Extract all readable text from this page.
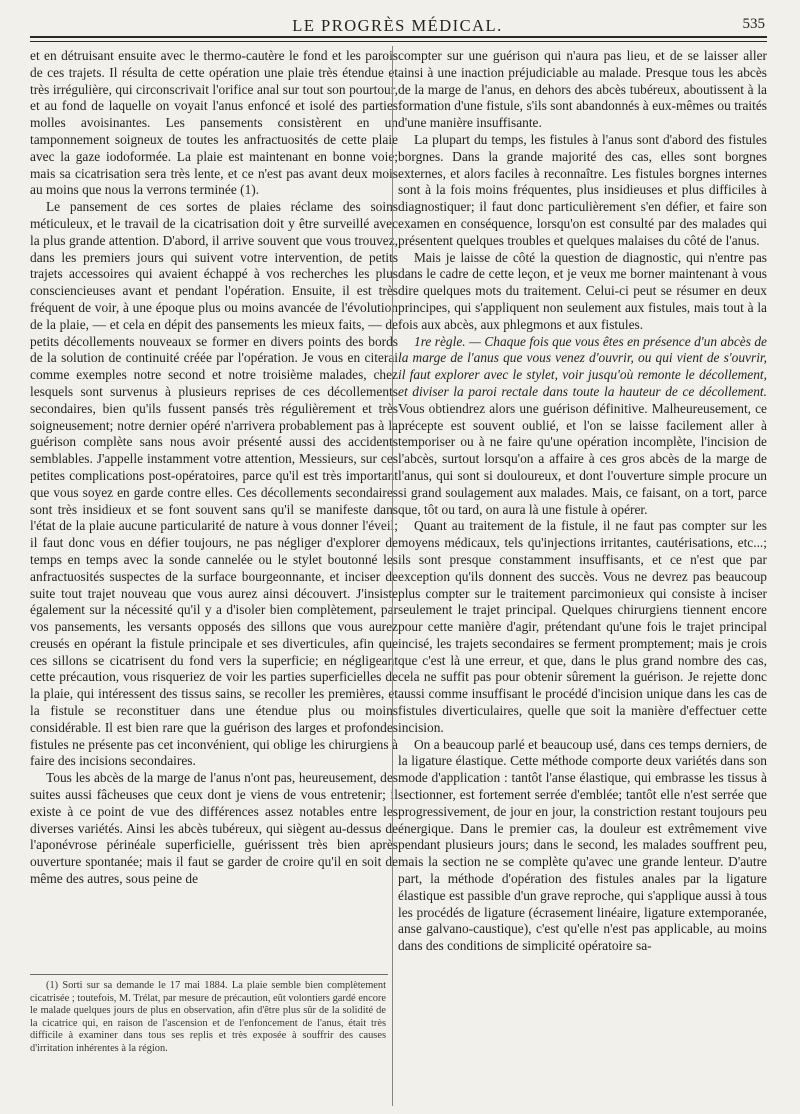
LE PROGRÈS MÉDICAL.	535

et en détruisant ensuite avec le thermo-cautère le fond et les parois de ces trajets. Il résulta de cette opération une plaie très étendue et très irrégulière, qui circonscrivait l'orifice anal sur tout son pourtour, et au fond de laquelle on voyait l'anus enfoncé et isolé des parties molles avoisinantes. Les pansements consistèrent en un tamponnement soigneux de toutes les anfractuosités de cette plaie avec la gaze iodoformée. La plaie est maintenant en bonne voie; mais sa cicatrisation sera très lente, et ce n'est pas avant deux mois au moins que nous la verrons terminée (1).

Le pansement de ces sortes de plaies réclame des soins méticuleux, et le travail de la cicatrisation doit y être surveillé avec la plus grande attention. D'abord, il arrive souvent que vous trouvez, dans les premiers jours qui suivent votre intervention, de petits trajets accessoires qui avaient échappé à vos recherches les plus consciencieuses avant et pendant l'opération. Ensuite, il est très fréquent de voir, à une époque plus ou moins avancée de l'évolution de la plaie, — et cela en dépit des pansements les mieux faits, — de petits décollements nouveaux se former en divers points des bords de la solution de continuité créée par l'opération. Je vous en citerai comme exemples notre second et notre troisième malades, chez lesquels sont survenus à plusieurs reprises de ces décollements secondaires, bien qu'ils fussent pansés très régulièrement et très soigneusement; notre dernier opéré n'arrivera probablement pas à la guérison complète sans nous avoir présenté aussi des accidents semblables. J'appelle instamment votre attention, Messieurs, sur ces petites complications post-opératoires, parce qu'il est très important que vous soyez en garde contre elles. Ces décollements secondaires sont très insidieux et se font souvent sans qu'il se manifeste dans l'état de la plaie aucune particularité de nature à vous donner l'éveil; il faut donc vous en défier toujours, ne pas négliger d'explorer de temps en temps avec la sonde cannelée ou le stylet boutonné les anfractuosités suspectes de la surface bourgeonnante, et inciser de suite tout trajet nouveau que vous aurez ainsi découvert. J'insiste également sur la nécessité qu'il y a d'isoler bien complètement, par vos pansements, les versants opposés des sillons que vous aurez creusés en opérant la fistule principale et ses diverticules, afin que ces sillons se cicatrisent du fond vers la superficie; en négligeant cette précaution, vous risqueriez de voir les parties superficielles de la plaie, qui intéressent des tissus sains, se recoller les premières, et la fistule se reconstituer dans une étendue plus ou moins considérable. Il est bien rare que la guérison des larges et profondes fistules ne présente pas cet inconvénient, qui oblige les chirurgiens à faire des incisions secondaires.

Tous les abcès de la marge de l'anus n'ont pas, heureusement, des suites aussi fâcheuses que ceux dont je viens de vous entretenir; il existe à ce point de vue des différences assez notables entre les diverses variétés. Ainsi les abcès tubéreux, qui siègent au-dessus de l'aponévrose périnéale superficielle, guérissent très bien après ouverture spontanée; mais il faut se garder de croire qu'il en soit de même des autres, sous peine de

(1) Sorti sur sa demande le 17 mai 1884. La plaie semble bien complètement cicatrisée ; toutefois, M. Trélat, par mesure de précaution, eût volontiers gardé encore le malade quelques jours de plus en observation, afin d'être plus sûr de la solidité de la cicatrice qui, en raison de l'ascension et de l'enfoncement de l'anus, était très difficile à examiner dans tous ses replis et très exposée à souffrir des causes d'irritation inhérentes à la région.

compter sur une guérison qui n'aura pas lieu, et de se laisser aller ainsi à une inaction préjudiciable au malade. Presque tous les abcès de la marge de l'anus, en dehors des abcès tubéreux, aboutissent à la formation d'une fistule, s'ils sont abandonnés à eux-mêmes ou traités d'une manière insuffisante.

La plupart du temps, les fistules à l'anus sont d'abord des fistules borgnes. Dans la grande majorité des cas, elles sont borgnes externes, et alors faciles à reconnaître. Les fistules borgnes internes sont à la fois moins fréquentes, plus insidieuses et plus difficiles à diagnostiquer; il faut donc particulièrement s'en défier, et faire son examen en conséquence, lorsqu'on est consulté par des malades qui présentent quelques troubles et quelques malaises du côté de l'anus.

Mais je laisse de côté la question de diagnostic, qui n'entre pas dans le cadre de cette leçon, et je veux me borner maintenant à vous dire quelques mots du traitement. Celui-ci peut se résumer en deux principes, qui s'appliquent non seulement aux fistules, mais tout à la fois aux abcès, aux phlegmons et aux fistules.

1re règle. — Chaque fois que vous êtes en présence d'un abcès de la marge de l'anus que vous venez d'ouvrir, ou qui vient de s'ouvrir, il faut explorer avec le stylet, voir jusqu'où remonte le décollement, et diviser la paroi rectale dans toute la hauteur de ce décollement. Vous obtiendrez alors une guérison définitive. Malheureusement, ce précepte est souvent oublié, et l'on se laisse facilement aller à temporiser ou à ne faire qu'une opération incomplète, l'incision de l'abcès, surtout lorsqu'on a affaire à ces gros abcès de la marge de l'anus, qui sont si douloureux, et dont l'ouverture simple procure un si grand soulagement aux malades. Mais, ce faisant, on a tort, parce que, tôt ou tard, on aura là une fistule à opérer.

Quant au traitement de la fistule, il ne faut pas compter sur les moyens médicaux, tels qu'injections irritantes, cautérisations, etc...; ils sont presque constamment insuffisants, et ce n'est que par exception qu'ils donnent des succès. Vous ne devrez pas beaucoup plus compter sur le traitement parcimonieux qui consiste à inciser seulement le trajet principal. Quelques chirurgiens tiennent encore pour cette manière d'agir, prétendant qu'une fois le trajet principal incisé, les trajets secondaires se ferment promptement; mais je crois que c'est là une erreur, et que, dans le plus grand nombre des cas, cela ne suffit pas pour obtenir sûrement la guérison. Je rejette donc aussi comme insuffisant le procédé d'incision unique dans les cas de fistules diverticulaires, quelle que soit la manière d'effectuer cette incision.

On a beaucoup parlé et beaucoup usé, dans ces temps derniers, de la ligature élastique. Cette méthode comporte deux variétés dans son mode d'application : tantôt l'anse élastique, qui embrasse les tissus à sectionner, est fortement serrée d'emblée; tantôt elle n'est serrée que progressivement, de jour en jour, la constriction restant toujours peu énergique. Dans le premier cas, la douleur est extrêmement vive pendant plusieurs jours; dans le second, les malades souffrent peu, mais la section ne se complète qu'avec une grande lenteur. D'autre part, la méthode d'opération des fistules anales par la ligature élastique est passible d'un grave reproche, qui s'applique aussi à tous les procédés de ligature (écrasement linéaire, ligature extemporanée, anse galvano-caustique), c'est qu'elle n'est pas applicable, au moins dans des conditions de simplicité opératoire sa-
